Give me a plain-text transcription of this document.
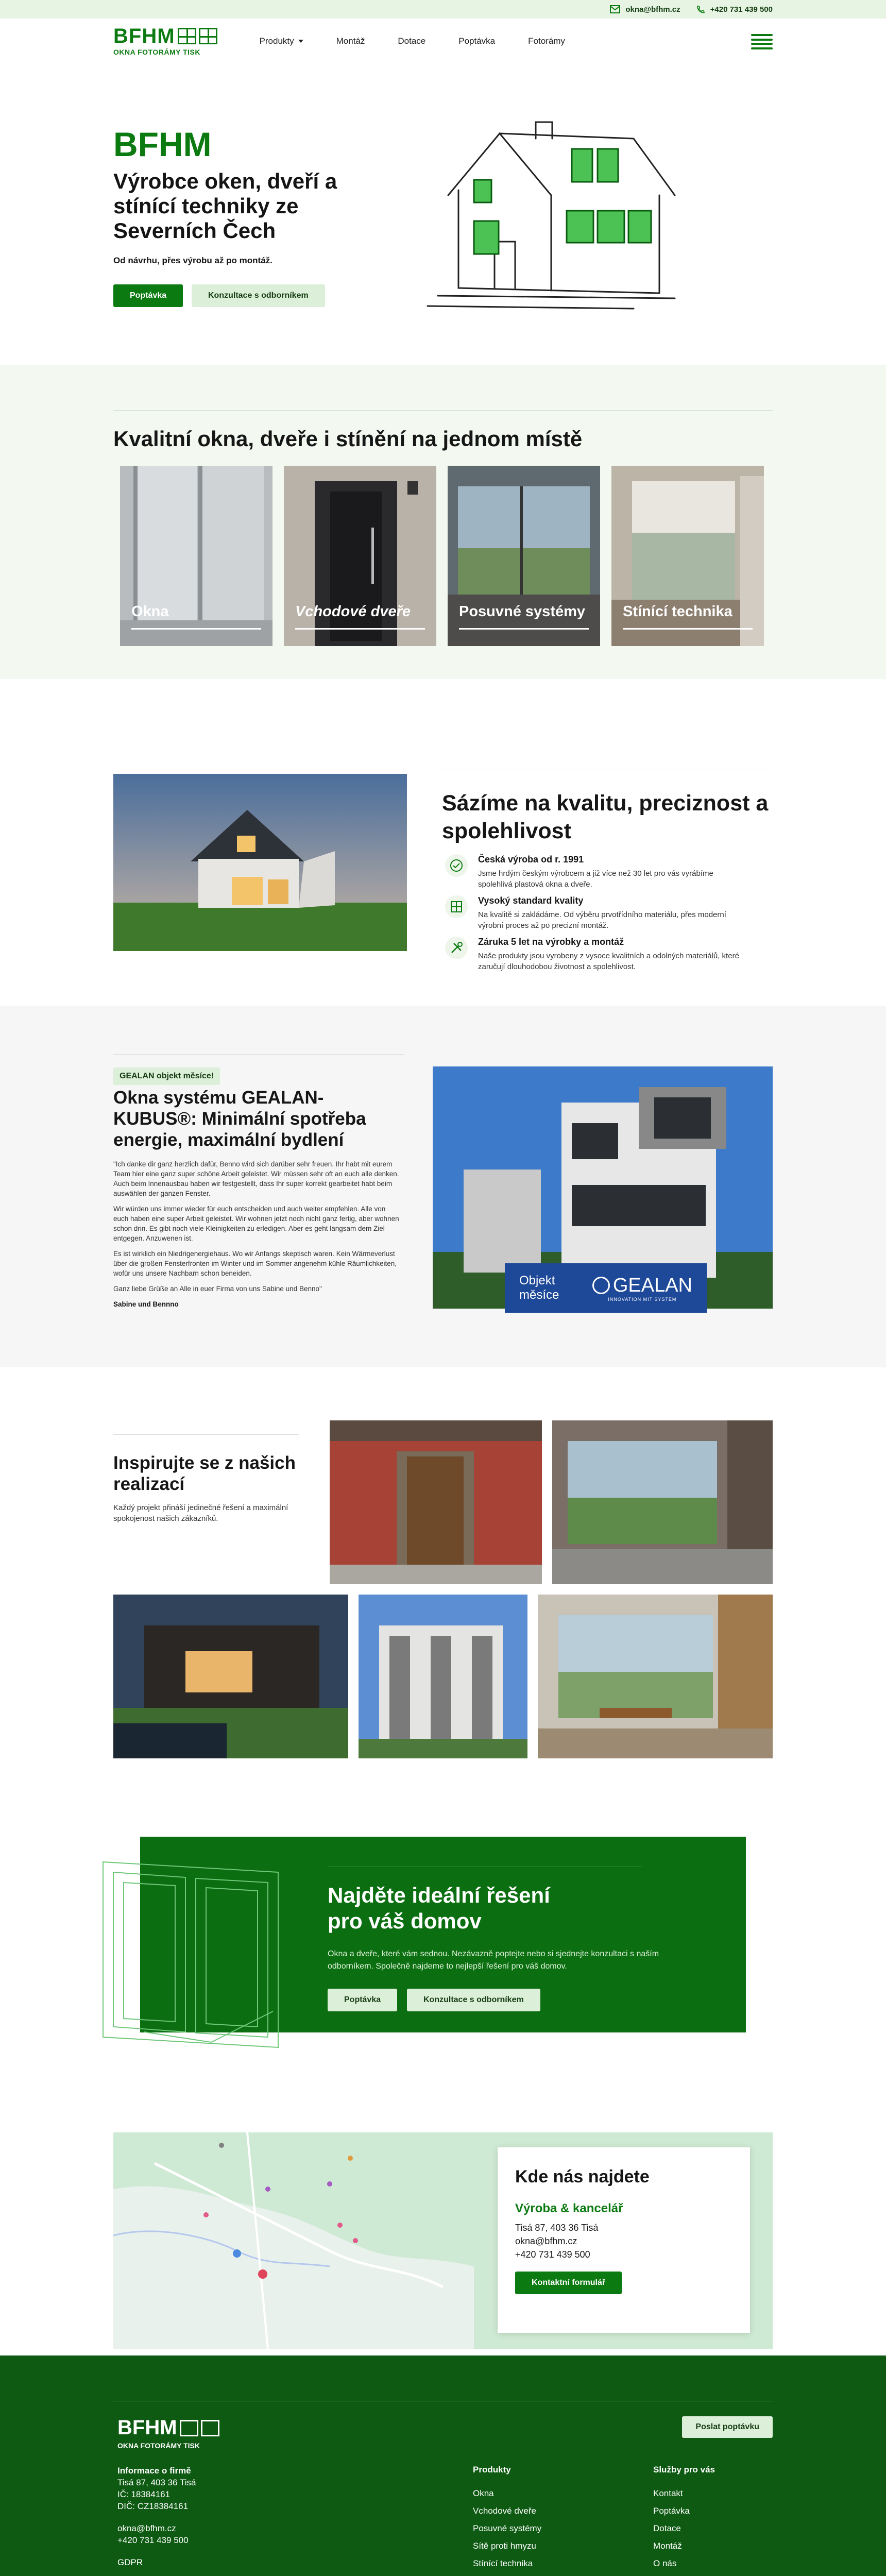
okna@bfhm.cz	+420 731 439 500
BFHM
OKNA FOTORÁMY TISK
Produkty	Montáž	Dotace	Poptávka	Fotorámy
BFHM
Výrobce oken, dveří a stínící techniky ze Severních Čech

Od návrhu, přes výrobu až po montáž.

Poptávka	Konzultace s odborníkem
Kvalitní okna, dveře i stínění na jednom místě
Okna	Vchodové dveře	Posuvné systémy	Stínící technika
Sázíme na kvalitu, preciznost a spolehlivost
Česká výroba od r. 1991
Jsme hrdým českým výrobcem a již více než 30 let pro vás vyrábíme spolehlivá plastová okna a dveře.
Vysoký standard kvality
Na kvalitě si zakládáme. Od výběru prvotřídního materiálu, přes moderní výrobní proces až po precizní montáž.
Záruka 5 let na výrobky a montáž
Naše produkty jsou vyrobeny z vysoce kvalitních a odolných materiálů, které zaručují dlouhodobou životnost a spolehlivost.
GEALAN objekt měsíce!
Okna systému GEALAN-KUBUS®: Minimální spotřeba energie, maximální bydlení

"Ich danke dir ganz herzlich dafür, Benno wird sich darüber sehr freuen. Ihr habt mit eurem Team hier eine ganz super schöne Arbeit geleistet. Wir müssen sehr oft an euch alle denken. Auch beim Innenausbau haben wir festgestellt, dass Ihr super korrekt gearbeitet habt beim auswählen der ganzen Fenster.

Wir würden uns immer wieder für euch entscheiden und auch weiter empfehlen. Alle von euch haben eine super Arbeit geleistet. Wir wohnen jetzt noch nicht ganz fertig, aber wohnen schon drin. Es gibt noch viele Kleinigkeiten zu erledigen. Aber es geht langsam dem Ziel entgegen. Anzuwenen ist.

Es ist wirklich ein Niedrigenergiehaus. Wo wir Anfangs skeptisch waren. Kein Wärmeverlust über die großen Fensterfronten im Winter und im Sommer angenehm kühle Räumlichkeiten, wofür uns unsere Nachbarn schon beneiden.

Ganz liebe Grüße an Alle in euer Firma von uns Sabine und Benno"

Sabine und Bennno

Objekt měsíce	GEALAN
INNOVATION MIT SYSTEM
Inspirujte se z našich realizací

Každý projekt přináší jedinečné řešení a maximální spokojenost našich zákazníků.

Najděte ideální řešení pro váš domov

Okna a dveře, které vám sednou. Nezávazně poptejte nebo si sjednejte konzultaci s naším odborníkem. Společně najdeme to nejlepší řešení pro váš domov.

Poptávka	Konzultace s odborníkem
Kde nás najdete
Výroba & kancelář
Tisá 87, 403 36 Tisá
okna@bfhm.cz
+420 731 439 500
Kontaktní formulář
Poslat poptávku
BFHM
OKNA FOTORÁMY TISK
Informace o firmě
Tisá 87, 403 36 Tisá
IČ: 18384161
DIČ: CZ18384161
okna@bfhm.cz
+420 731 439 500
GDPR
Produkty
Okna
Vchodové dveře
Posuvné systémy
Sítě proti hmyzu
Stínící technika
Služby pro vás
Kontakt
Poptávka
Dotace
Montáž
O nás
